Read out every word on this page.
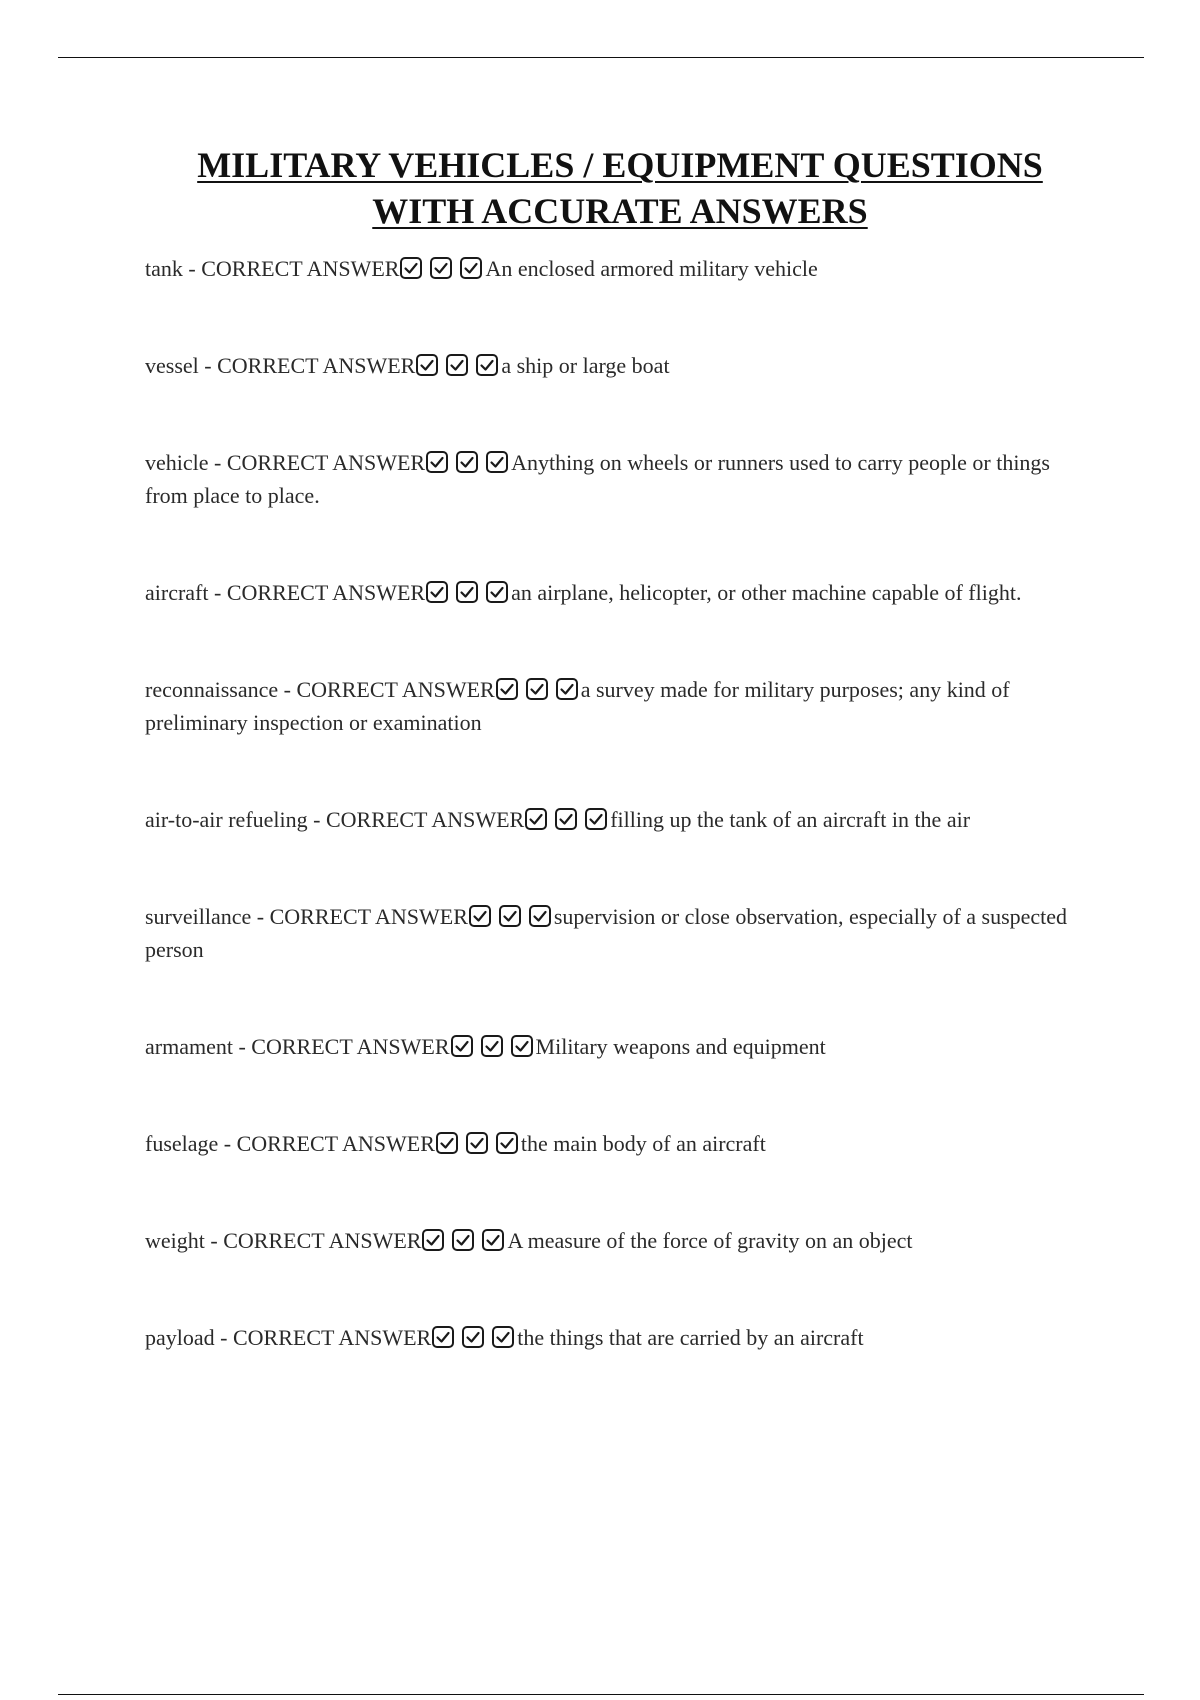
MILITARY VEHICLES / EQUIPMENT QUESTIONS
WITH ACCURATE ANSWERS

tank - CORRECT ANSWER	An enclosed armored military vehicle

vessel - CORRECT ANSWER	a ship or large boat

vehicle - CORRECT ANSWER	Anything on wheels or runners used to carry people or things from place to place.

aircraft - CORRECT ANSWER	an airplane, helicopter, or other machine capable of flight.

reconnaissance - CORRECT ANSWER	a survey made for military purposes; any kind of preliminary inspection or examination

air-to-air refueling - CORRECT ANSWER	filling up the tank of an aircraft in the air

surveillance - CORRECT ANSWER	supervision or close observation, especially of a suspected person

armament - CORRECT ANSWER	Military weapons and equipment

fuselage - CORRECT ANSWER	the main body of an aircraft

weight - CORRECT ANSWER	A measure of the force of gravity on an object

payload - CORRECT ANSWER	the things that are carried by an aircraft
